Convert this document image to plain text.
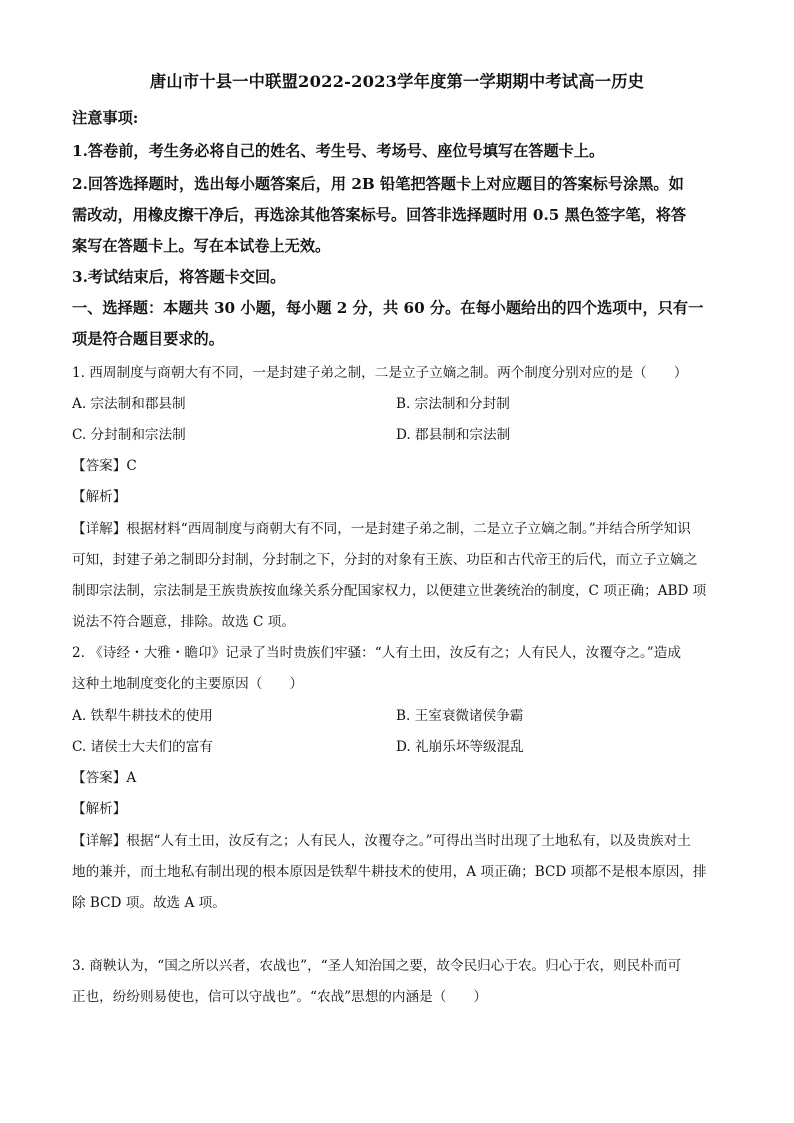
唐山市十县一中联盟2022-2023学年度第一学期期中考试高一历史
注意事项:
1.答卷前，考生务必将自己的姓名、考生号、考场号、座位号填写在答题卡上。
2.回答选择题时，选出每小题答案后，用 2B 铅笔把答题卡上对应题目的答案标号涂黑。如
需改动，用橡皮擦干净后，再选涂其他答案标号。回答非选择题时用 0.5 黑色签字笔，将答
案写在答题卡上。写在本试卷上无效。
3.考试结束后，将答题卡交回。
一、选择题：本题共 30 小题，每小题 2 分，共 60 分。在每小题给出的四个选项中，只有一
项是符合题目要求的。
1. 西周制度与商朝大有不同，一是封建子弟之制，二是立子立嫡之制。两个制度分别对应的是（　　）
A. 宗法制和郡县制	B. 宗法制和分封制
C. 分封制和宗法制	D. 郡县制和宗法制
【答案】C
【解析】
【详解】根据材料“西周制度与商朝大有不同，一是封建子弟之制，二是立子立嫡之制。”并结合所学知识
可知，封建子弟之制即分封制，分封制之下，分封的对象有王族、功臣和古代帝王的后代，而立子立嫡之
制即宗法制，宗法制是王族贵族按血缘关系分配国家权力，以便建立世袭统治的制度，C 项正确；ABD 项
说法不符合题意，排除。故选 C 项。
2. 《诗经・大雅・瞻卬》记录了当时贵族们牢骚：“人有土田，汝反有之；人有民人，汝覆夺之。”造成
这种土地制度变化的主要原因（　　）
A. 铁犁牛耕技术的使用	B. 王室衰微诸侯争霸
C. 诸侯士大夫们的富有	D. 礼崩乐坏等级混乱
【答案】A
【解析】
【详解】根据“人有土田，汝反有之；人有民人，汝覆夺之。”可得出当时出现了土地私有，以及贵族对土
地的兼并，而土地私有制出现的根本原因是铁犁牛耕技术的使用，A 项正确；BCD 项都不是根本原因，排
除 BCD 项。故选 A 项。
3. 商鞅认为，“国之所以兴者，农战也”，“圣人知治国之要，故令民归心于农。归心于农，则民朴而可
正也，纷纷则易使也，信可以守战也”。“农战”思想的内涵是（　　）
